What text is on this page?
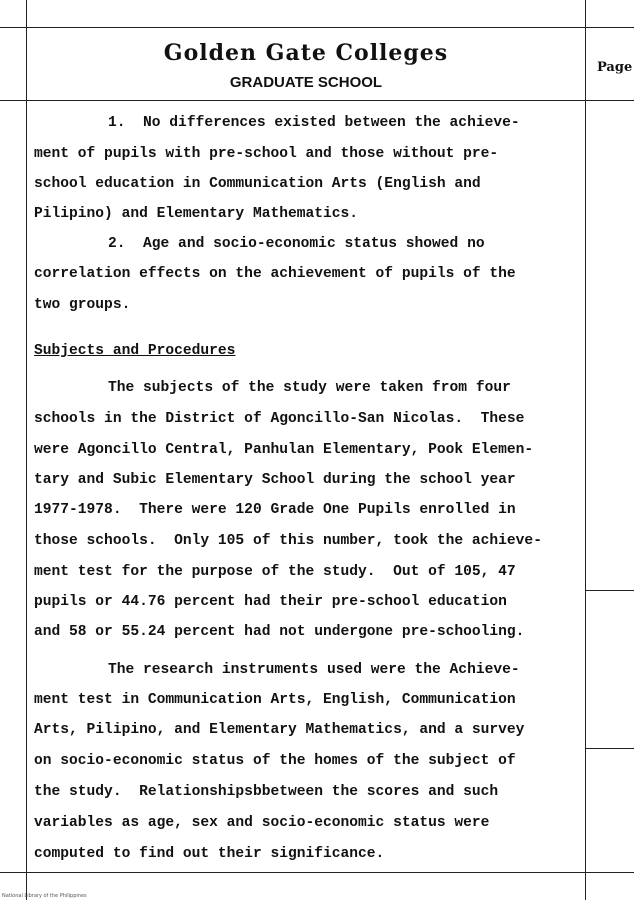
Golden Gate Colleges
GRADUATE SCHOOL
Page
1.  No differences existed between the achieve-
ment of pupils with pre-school and those without pre-
school education in Communication Arts (English and
Pilipino) and Elementary Mathematics.
2.  Age and socio-economic status showed no
correlation effects on the achievement of pupils of the
two groups.
Subjects and Procedures
The subjects of the study were taken from four
schools in the District of Agoncillo-San Nicolas.  These
were Agoncillo Central, Panhulan Elementary, Pook Elemen-
tary and Subic Elementary School during the school year
1977-1978.  There were 120 Grade One Pupils enrolled in
those schools.  Only 105 of this number, took the achieve-
ment test for the purpose of the study.  Out of 105, 47
pupils or 44.76 percent had their pre-school education
and 58 or 55.24 percent had not undergone pre-schooling.
The research instruments used were the Achieve-
ment test in Communication Arts, English, Communication
Arts, Pilipino, and Elementary Mathematics, and a survey
on socio-economic status of the homes of the subject of
the study.  Relationshipsbbetween the scores and such
variables as age, sex and socio-economic status were
computed to find out their significance.
National Library of the Philippines
